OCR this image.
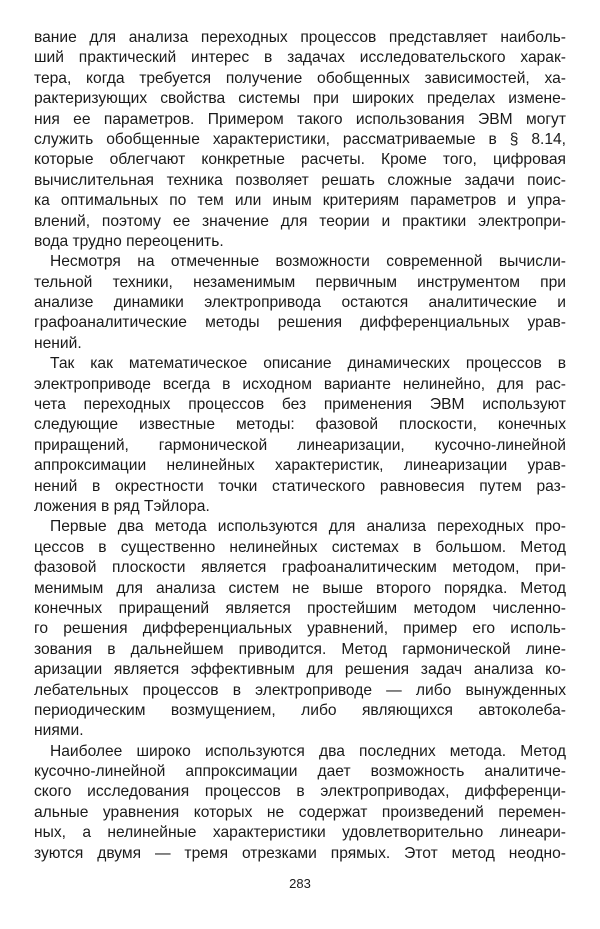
вание для анализа переходных процессов представляет наиболь-
ший практический интерес в задачах исследовательского харак-
тера, когда требуется получение обобщенных зависимостей, ха-
рактеризующих свойства системы при широких пределах измене-
ния ее параметров. Примером такого использования ЭВМ могут
служить обобщенные характеристики, рассматриваемые в § 8.14,
которые облегчают конкретные расчеты. Кроме того, цифровая
вычислительная техника позволяет решать сложные задачи поис-
ка оптимальных по тем или иным критериям параметров и упра-
влений, поэтому ее значение для теории и практики электропри-
вода трудно переоценить.
Несмотря на отмеченные возможности современной вычисли-
тельной техники, незаменимым первичным инструментом при
анализе динамики электропривода остаются аналитические и
графоаналитические методы решения дифференциальных урав-
нений.
Так как математическое описание динамических процессов в
электроприводе всегда в исходном варианте нелинейно, для рас-
чета переходных процессов без применения ЭВМ используют
следующие известные методы: фазовой плоскости, конечных
приращений, гармонической линеаризации, кусочно-линейной
аппроксимации нелинейных характеристик, линеаризации урав-
нений в окрестности точки статического равновесия путем раз-
ложения в ряд Тэйлора.
Первые два метода используются для анализа переходных про-
цессов в существенно нелинейных системах в большом. Метод
фазовой плоскости является графоаналитическим методом, при-
менимым для анализа систем не выше второго порядка. Метод
конечных приращений является простейшим методом численно-
го решения дифференциальных уравнений, пример его исполь-
зования в дальнейшем приводится. Метод гармонической лине-
аризации является эффективным для решения задач анализа ко-
лебательных процессов в электроприводе — либо вынужденных
периодическим возмущением, либо являющихся автоколеба-
ниями.
Наиболее широко используются два последних метода. Метод
кусочно-линейной аппроксимации дает возможность аналитиче-
ского исследования процессов в электроприводах, дифференци-
альные уравнения которых не содержат произведений перемен-
ных, а нелинейные характеристики удовлетворительно линеари-
зуются двумя — тремя отрезками прямых. Этот метод неодно-
283
